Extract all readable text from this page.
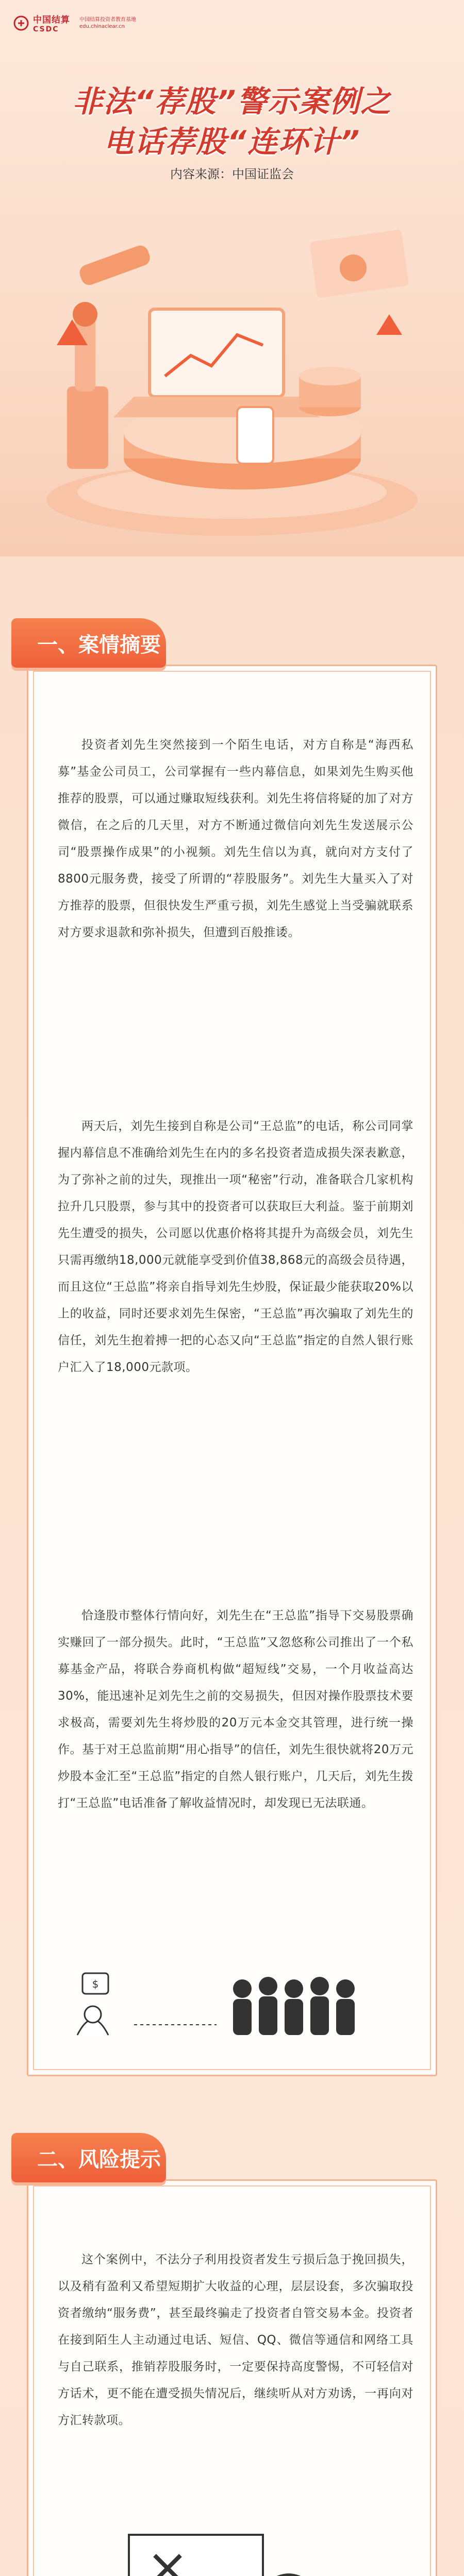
中国结算
CSDC
中国结算投资者教育基地
edu.chinaclear.cn
非法“荐股”警示案例之
电话荐股“连环计”
内容来源：中国证监会
一、案情摘要
投资者刘先生突然接到一个陌生电话，对方自称是“海西私募”基金公司员工，公司掌握有一些内幕信息，如果刘先生购买他推荐的股票，可以通过赚取短线获利。刘先生将信将疑的加了对方微信，在之后的几天里，对方不断通过微信向刘先生发送展示公司“股票操作成果”的小视频。刘先生信以为真，就向对方支付了8800元服务费，接受了所谓的“荐股服务”。刘先生大量买入了对方推荐的股票，但很快发生严重亏损，刘先生感觉上当受骗就联系对方要求退款和弥补损失，但遭到百般推诿。
两天后，刘先生接到自称是公司“王总监”的电话，称公司同掌握内幕信息不准确给刘先生在内的多名投资者造成损失深表歉意，为了弥补之前的过失，现推出一项“秘密”行动，准备联合几家机构拉升几只股票，参与其中的投资者可以获取巨大利益。鉴于前期刘先生遭受的损失，公司愿以优惠价格将其提升为高级会员，刘先生只需再缴纳18,000元就能享受到价值38,868元的高级会员待遇，而且这位“王总监”将亲自指导刘先生炒股，保证最少能获取20%以上的收益，同时还要求刘先生保密，“王总监”再次骗取了刘先生的信任，刘先生抱着搏一把的心态又向“王总监”指定的自然人银行账户汇入了18,000元款项。
恰逢股市整体行情向好，刘先生在“王总监”指导下交易股票确实赚回了一部分损失。此时，“王总监”又忽悠称公司推出了一个私募基金产品，将联合券商机构做“超短线”交易，一个月收益高达30%，能迅速补足刘先生之前的交易损失，但因对操作股票技术要求极高，需要刘先生将炒股的20万元本金交其管理，进行统一操作。基于对王总监前期“用心指导”的信任，刘先生很快就将20万元炒股本金汇至“王总监”指定的自然人银行账户，几天后，刘先生拨打“王总监”电话准备了解收益情况时，却发现已无法联通。
$
二、风险提示
这个案例中，不法分子利用投资者发生亏损后急于挽回损失，以及稍有盈利又希望短期扩大收益的心理，层层设套，多次骗取投资者缴纳“服务费”，甚至最终骗走了投资者自管交易本金。投资者在接到陌生人主动通过电话、短信、QQ、微信等通信和网络工具与自己联系，推销荐股服务时，一定要保持高度警惕，不可轻信对方话术，更不能在遭受损失情况后，继续听从对方劝诱，一再向对方汇转款项。
